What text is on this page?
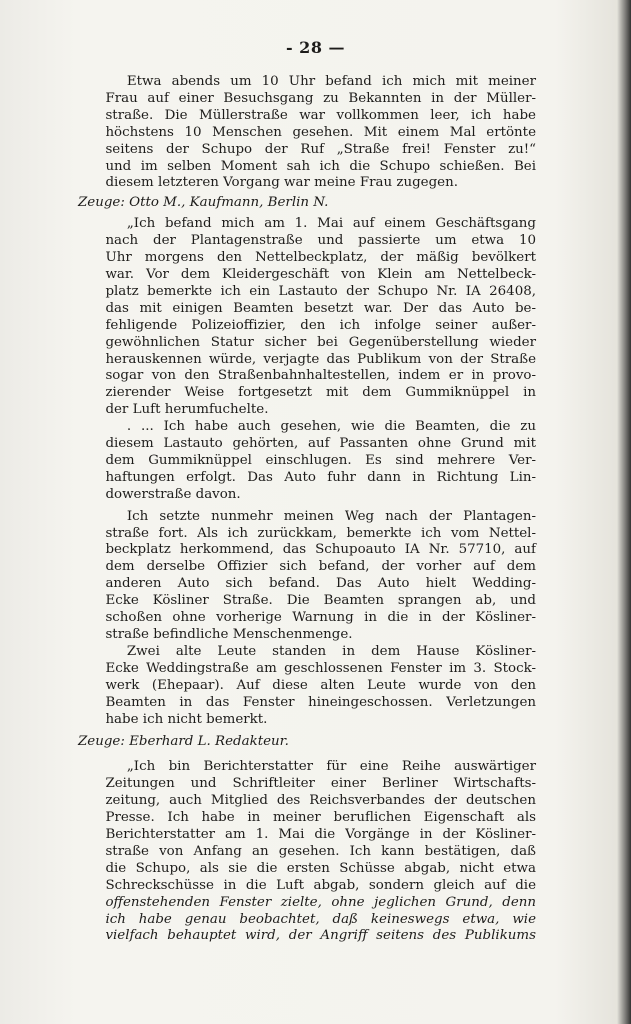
- 28 —
Etwa abends um 10 Uhr befand ich mich mit meiner
Frau auf einer Besuchsgang zu Bekannten in der Müller-
straße. Die Müllerstraße war vollkommen leer, ich habe
höchstens 10 Menschen gesehen. Mit einem Mal ertönte
seitens der Schupo der Ruf „Straße frei! Fenster zu!“
und im selben Moment sah ich die Schupo schießen. Bei
diesem letzteren Vorgang war meine Frau zugegen.
Zeuge: Otto M., Kaufmann, Berlin N.
„Ich befand mich am 1. Mai auf einem Geschäftsgang
nach der Plantagenstraße und passierte um etwa 10
Uhr morgens den Nettelbeckplatz, der mäßig bevölkert
war. Vor dem Kleidergeschäft von Klein am Nettelbeck-
platz bemerkte ich ein Lastauto der Schupo Nr. IA 26408,
das mit einigen Beamten besetzt war. Der das Auto be-
fehligende Polizeioffizier, den ich infolge seiner außer-
gewöhnlichen Statur sicher bei Gegenüberstellung wieder
herauskennen würde, verjagte das Publikum von der Straße
sogar von den Straßenbahnhaltestellen, indem er in provo-
zierender Weise fortgesetzt mit dem Gummiknüppel in
der Luft herumfuchelte.
. ... Ich habe auch gesehen, wie die Beamten, die zu
diesem Lastauto gehörten, auf Passanten ohne Grund mit
dem Gummiknüppel einschlugen. Es sind mehrere Ver-
haftungen erfolgt. Das Auto fuhr dann in Richtung Lin-
dowerstraße davon.
Ich setzte nunmehr meinen Weg nach der Plantagen-
straße fort. Als ich zurückkam, bemerkte ich vom Nettel-
beckplatz herkommend, das Schupoauto IA Nr. 57710, auf
dem derselbe Offizier sich befand, der vorher auf dem
anderen Auto sich befand. Das Auto hielt Wedding-
Ecke Kösliner Straße. Die Beamten sprangen ab, und
schoßen ohne vorherige Warnung in die in der Kösliner-
straße befindliche Menschenmenge.
Zwei alte Leute standen in dem Hause Kösliner-
Ecke Weddingstraße am geschlossenen Fenster im 3. Stock-
werk (Ehepaar). Auf diese alten Leute wurde von den
Beamten in das Fenster hineingeschossen. Verletzungen
habe ich nicht bemerkt.
Zeuge: Eberhard L. Redakteur.
„Ich bin Berichterstatter für eine Reihe auswärtiger
Zeitungen und Schriftleiter einer Berliner Wirtschafts-
zeitung, auch Mitglied des Reichsverbandes der deutschen
Presse. Ich habe in meiner beruflichen Eigenschaft als
Berichterstatter am 1. Mai die Vorgänge in der Kösliner-
straße von Anfang an gesehen. Ich kann bestätigen, daß
die Schupo, als sie die ersten Schüsse abgab, nicht etwa
Schreckschüsse in die Luft abgab, sondern gleich auf die
offenstehenden Fenster zielte, ohne jeglichen Grund, denn
ich habe genau beobachtet, daß keineswegs etwa, wie
vielfach behauptet wird, der Angriff seitens des Publikums
